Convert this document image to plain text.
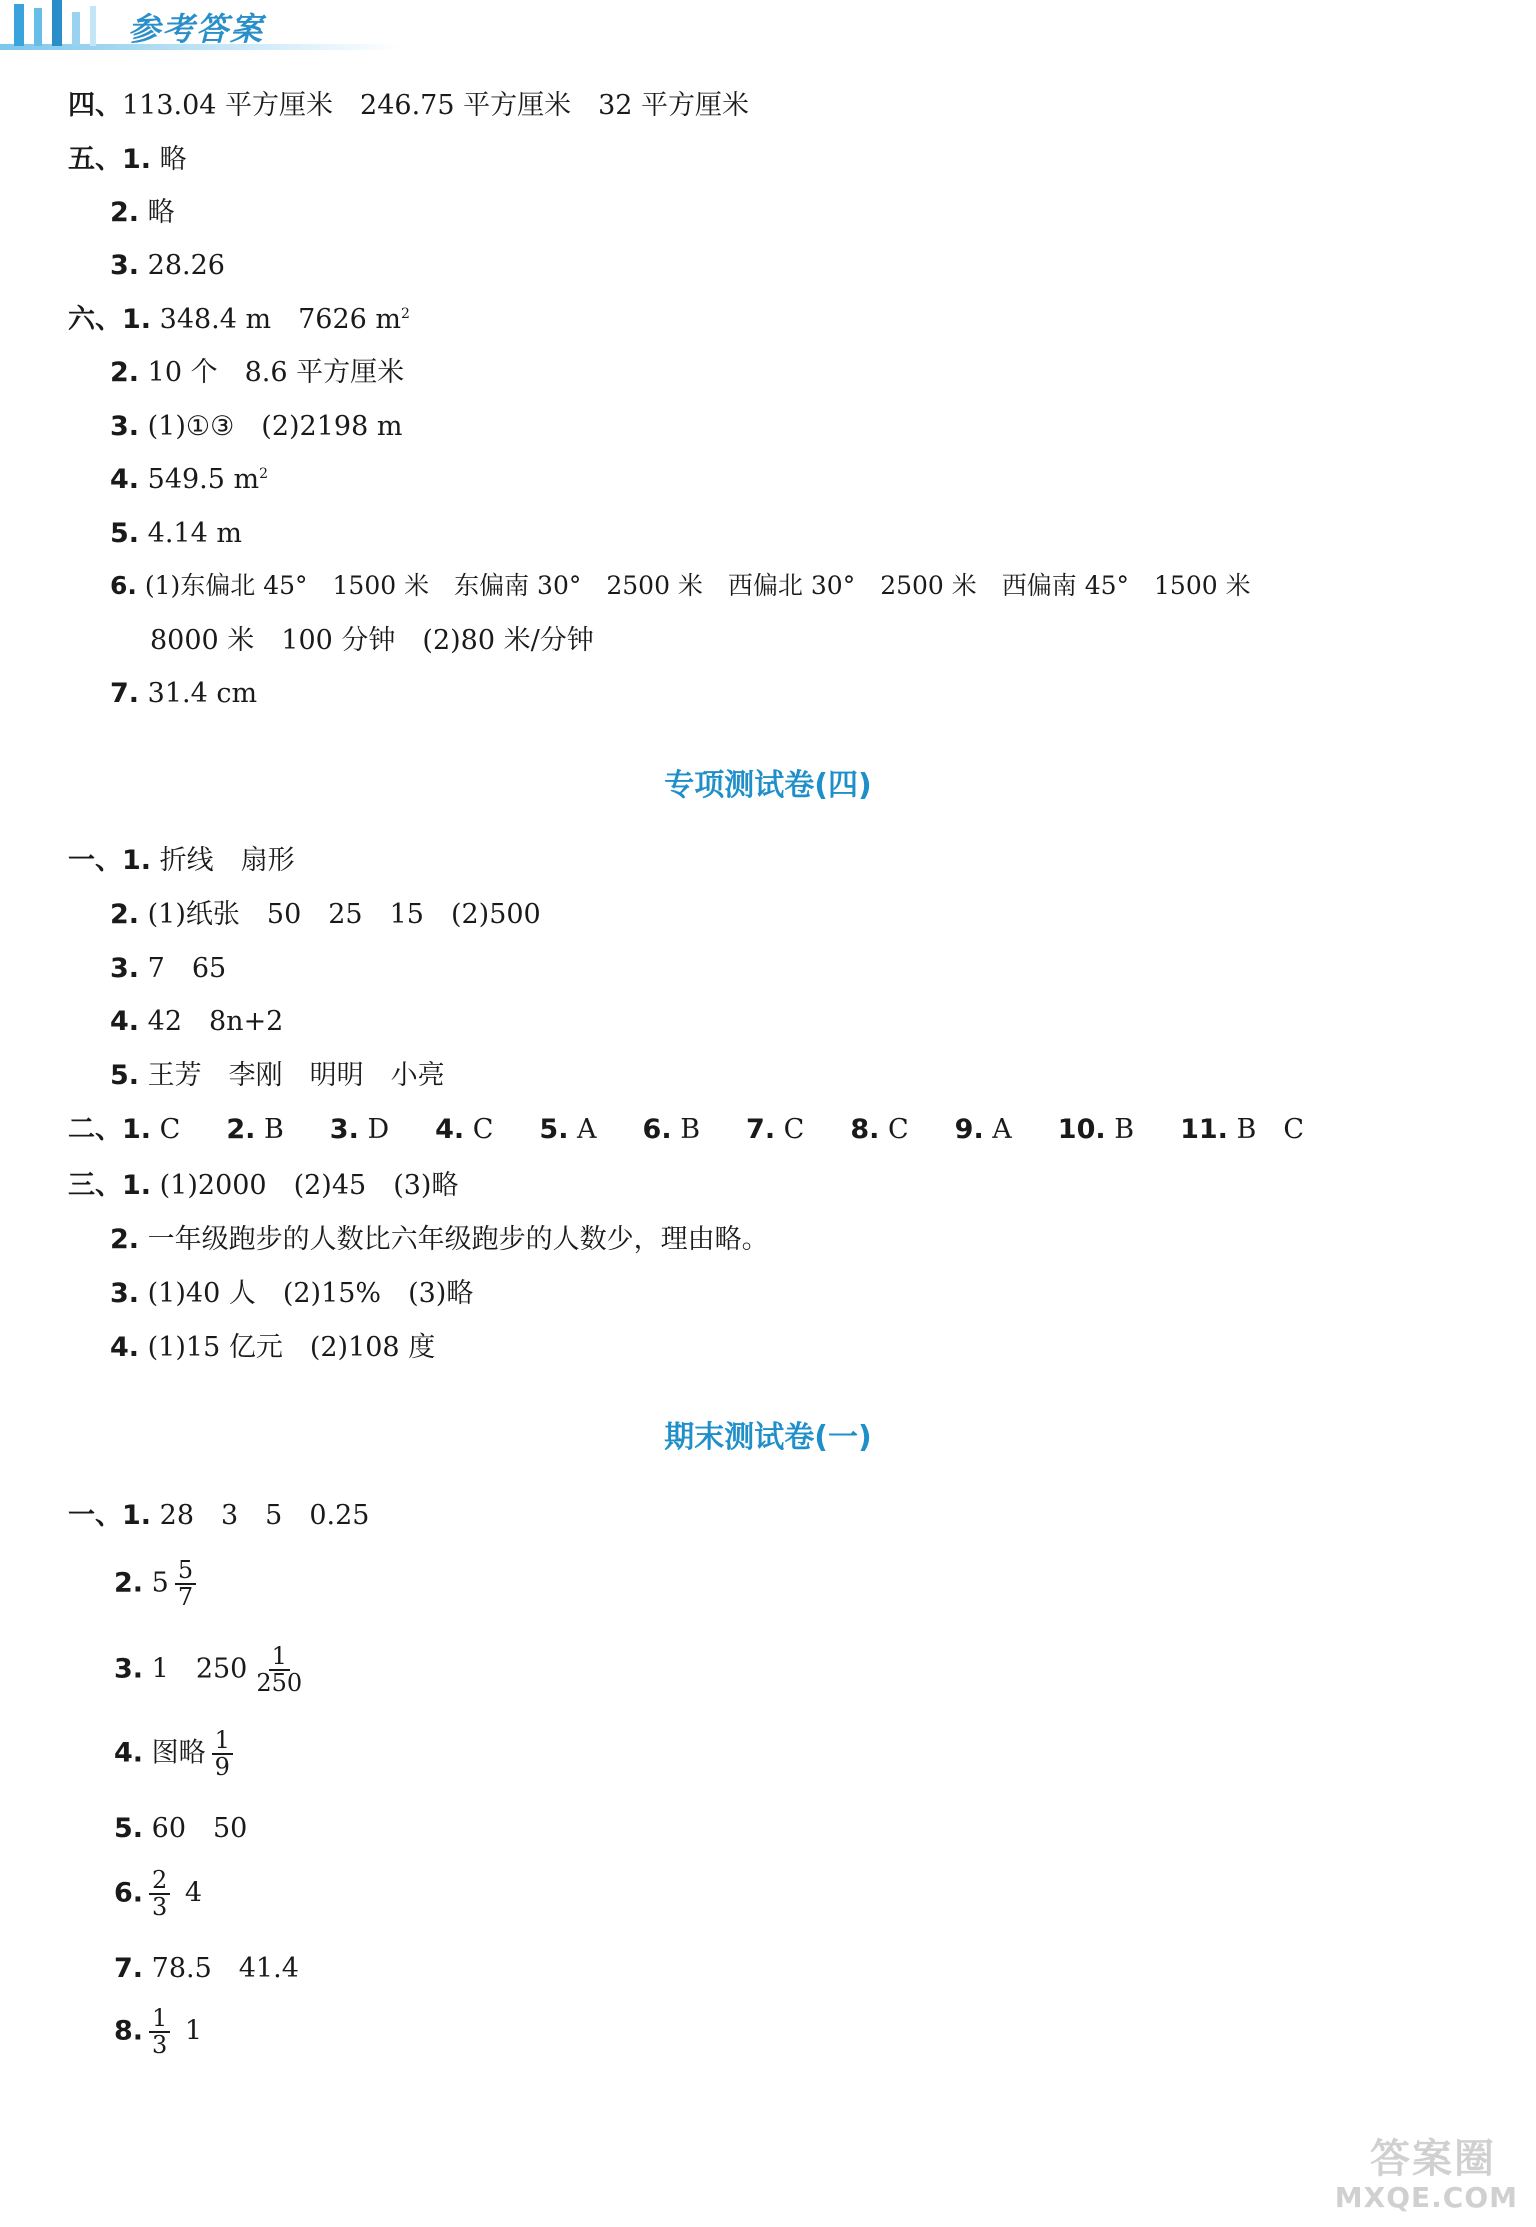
参考答案
四、113.04 平方厘米　246.75 平方厘米　32 平方厘米
五、1. 略
2. 略
3. 28.26
六、1. 348.4 m　7626 $m^2$
2. 10 个　8.6 平方厘米
3. (1)①③　(2)2198 m
4. 549.5 $m^2$
5. 4.14 m
6. (1)东偏北 45°　1500 米　东偏南 30°　2500 米　西偏北 30°　2500 米　西偏南 45°　1500 米
8000 米　100 分钟　(2)80 米/分钟
7. 31.4 cm
专项测试卷(四)
一、1. 折线　扇形
2. (1)纸张　50　25　15　(2)500
3. 7　65
4. 42　8n+2
5. 王芳　李刚　明明　小亮
二、1. C 2. B 3. D 4. C 5. A 6. B 7. C 8. C 9. A 10. B 11. B　C
三、1. (1)2000　(2)45　(3)略
2. 一年级跑步的人数比六年级跑步的人数少，理由略。
3. (1)40 人　(2)15%　(3)略
4. (1)15 亿元　(2)108 度
期末测试卷(一)
一、1. 28　3　5　0.25
2. $5 \frac{5}{7}$
3. 1　$250 \frac{1}{250}$
4. 图略 $\frac{1}{9}$
5. 60　50
6. $\frac{2}{3} 4$
7. 78.5　41.4
8. $\frac{1}{3} 1$
答案圈
MXQE.COM
